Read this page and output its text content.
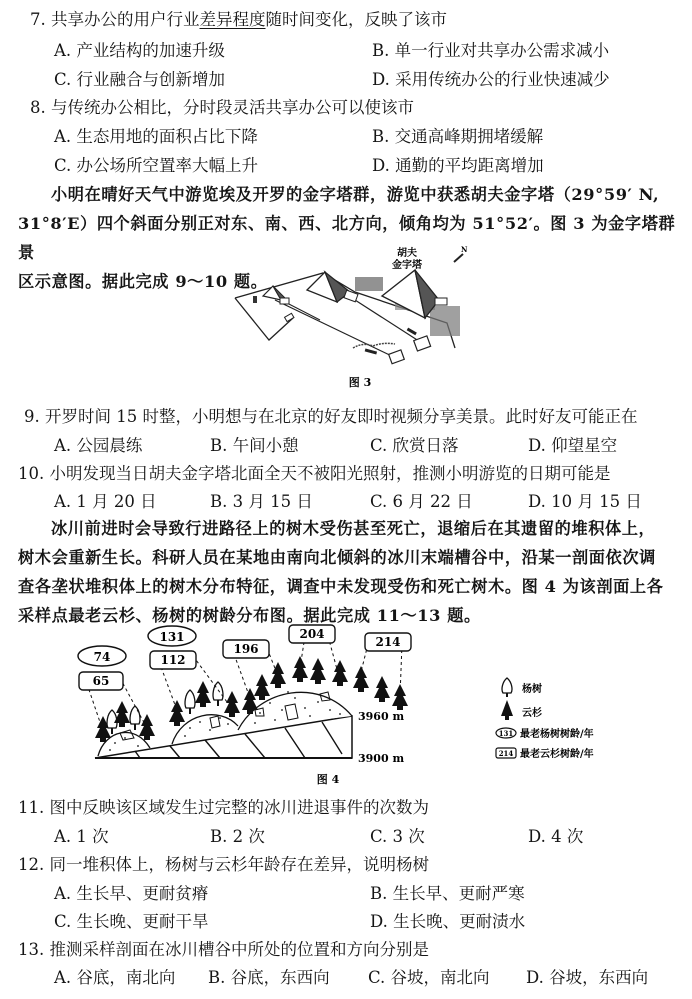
7. 共享办公的用户行业差异程度随时间变化，反映了该市
A. 产业结构的加速升级	B. 单一行业对共享办公需求减小
C. 行业融合与创新增加	D. 采用传统办公的行业快速减少
8. 与传统办公相比，分时段灵活共享办公可以使该市
A. 生态用地的面积占比下降	B. 交通高峰期拥堵缓解
C. 办公场所空置率大幅上升	D. 通勤的平均距离增加
小明在晴好天气中游览埃及开罗的金字塔群，游览中获悉胡夫金字塔（29°59′ N,
31°8′E）四个斜面分别正对东、南、西、北方向，倾角均为 51°52′。图 3 为金字塔群景
区示意图。据此完成 9～10 题。
胡夫
金字塔
N
图 3
9. 开罗时间 15 时整，小明想与在北京的好友即时视频分享美景。此时好友可能正在
A. 公园晨练	B. 午间小憩	C. 欣赏日落	D. 仰望星空
10. 小明发现当日胡夫金字塔北面全天不被阳光照射，推测小明游览的日期可能是
A. 1 月 20 日	B. 3 月 15 日	C. 6 月 22 日	D. 10 月 15 日
冰川前进时会导致行进路径上的树木受伤甚至死亡，退缩后在其遗留的堆积体上，
树木会重新生长。科研人员在某地由南向北倾斜的冰川末端槽谷中，沿某一剖面依次调
查各垄状堆积体上的树木分布特征，调查中未发现受伤和死亡树木。图 4 为该剖面上各
采样点最老云杉、杨树的树龄分布图。据此完成 11～13 题。
74
131
65
112
196
204
214
3960 m
3900 m
图 4
杨树
云杉
131 最老杨树树龄/年
214 最老云杉树龄/年
11. 图中反映该区域发生过完整的冰川进退事件的次数为
A. 1 次	B. 2 次	C. 3 次	D. 4 次
12. 同一堆积体上，杨树与云杉年龄存在差异，说明杨树
A. 生长早、更耐贫瘠	B. 生长早、更耐严寒
C. 生长晚、更耐干旱	D. 生长晚、更耐渍水
13. 推测采样剖面在冰川槽谷中所处的位置和方向分别是
A. 谷底，南北向 B. 谷底，东西向 C. 谷坡，南北向 D. 谷坡，东西向
